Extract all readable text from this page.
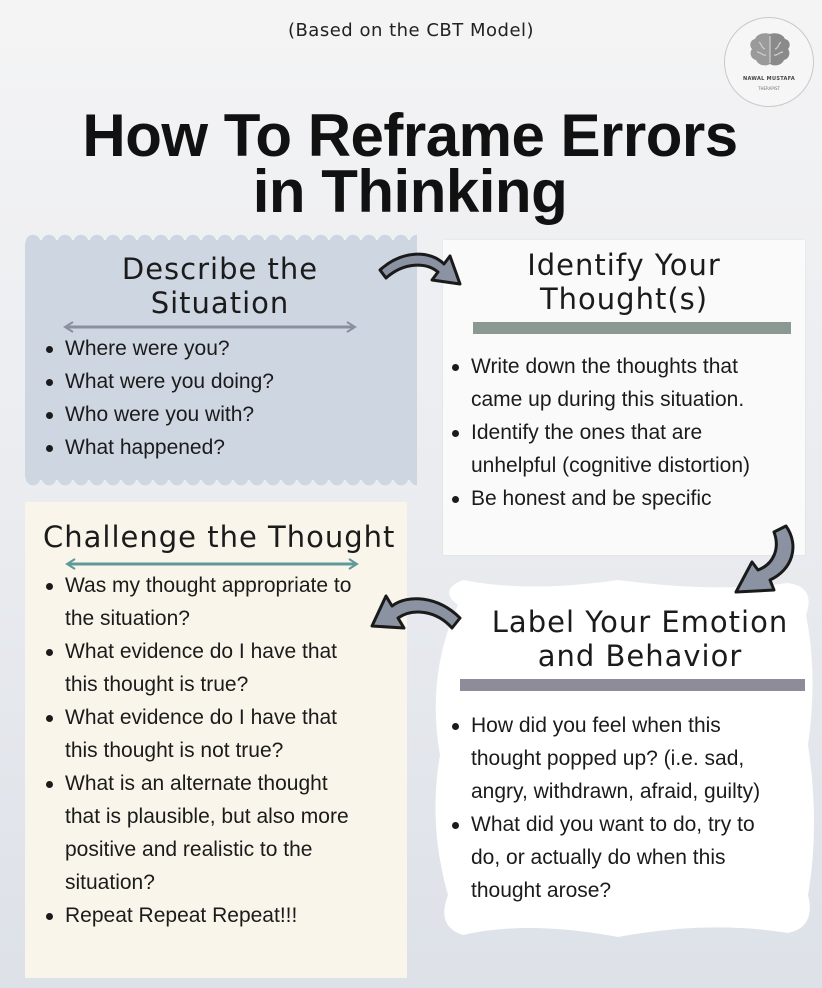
(Based on the CBT Model)
NAWAL MUSTAFA
THERAPIST
How To Reframe Errors
in Thinking
Describe the
Situation
Where were you?
What were you doing?
Who were you with?
What happened?
Identify Your
Thought(s)
Write down the thoughts that
came up during this situation.
Identify the ones that are
unhelpful (cognitive distortion)
Be honest and be specific
Challenge the Thought
Was my thought appropriate to
the situation?
What evidence do I have that
this thought is true?
What evidence do I have that
this thought is not true?
What is an alternate thought
that is plausible, but also more
positive and realistic to the
situation?
Repeat Repeat Repeat!!!
Label Your Emotion
and Behavior
How did you feel when this
thought popped up? (i.e. sad,
angry, withdrawn, afraid, guilty)
What did you want to do, try to
do, or actually do when this
thought arose?
